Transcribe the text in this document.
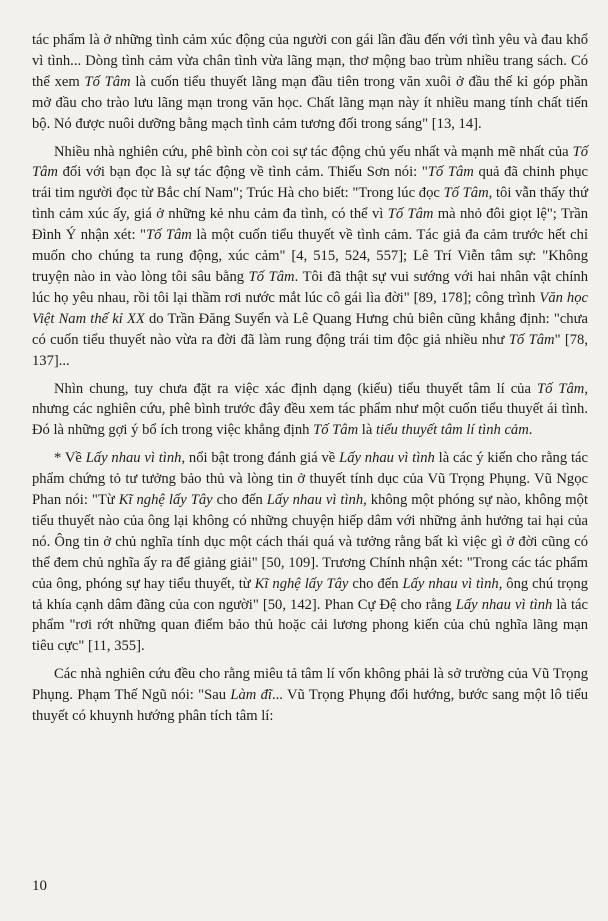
tác phẩm là ở những tình cảm xúc động của người con gái lần đầu đến với tình yêu và đau khổ vì tình... Dòng tình cảm vừa chân tình vừa lãng mạn, thơ mộng bao trùm nhiều trang sách. Có thể xem Tố Tâm là cuốn tiểu thuyết lãng mạn đầu tiên trong văn xuôi ở đầu thế kỉ góp phần mở đầu cho trào lưu lãng mạn trong văn học. Chất lãng mạn này ít nhiều mang tính chất tiến bộ. Nó được nuôi dưỡng bằng mạch tình cảm tương đối trong sáng" [13, 14].

Nhiều nhà nghiên cứu, phê bình còn coi sự tác động chủ yếu nhất và mạnh mẽ nhất của Tố Tâm đối với bạn đọc là sự tác động về tình cảm. Thiếu Sơn nói: "Tố Tâm quả đã chinh phục trái tim người đọc từ Bắc chí Nam"; Trúc Hà cho biết: "Trong lúc đọc Tố Tâm, tôi vẫn thấy thứ tình cảm xúc ấy, giá ở những kẻ nhu cảm đa tình, có thể vì Tố Tâm mà nhỏ đôi giọt lệ"; Trần Đình Ý nhận xét: "Tố Tâm là một cuốn tiểu thuyết về tình cảm. Tác giả đa cảm trước hết chỉ muốn cho chúng ta rung động, xúc cảm" [4, 515, 524, 557]; Lê Trí Viễn tâm sự: "Không truyện nào in vào lòng tôi sâu bằng Tố Tâm. Tôi đã thật sự vui sướng với hai nhân vật chính lúc họ yêu nhau, rồi tôi lại thầm rơi nước mắt lúc cô gái lìa đời" [89, 178]; công trình Văn học Việt Nam thế kỉ XX do Trần Đăng Suyển và Lê Quang Hưng chủ biên cũng khẳng định: "chưa có cuốn tiểu thuyết nào vừa ra đời đã làm rung động trái tim độc giả nhiều như Tố Tâm" [78, 137]...

Nhìn chung, tuy chưa đặt ra việc xác định dạng (kiểu) tiểu thuyết tâm lí của Tố Tâm, nhưng các nghiên cứu, phê bình trước đây đều xem tác phẩm như một cuốn tiểu thuyết ái tình. Đó là những gợi ý bổ ích trong việc khẳng định Tố Tâm là tiểu thuyết tâm lí tình cảm.

* Về Lấy nhau vì tình, nổi bật trong đánh giá về Lấy nhau vì tình là các ý kiến cho rằng tác phẩm chứng tỏ tư tưởng bảo thủ và lòng tin ở thuyết tính dục của Vũ Trọng Phụng. Vũ Ngọc Phan nói: "Từ Kĩ nghệ lấy Tây cho đến Lấy nhau vì tình, không một phóng sự nào, không một tiểu thuyết nào của ông lại không có những chuyện hiếp dâm với những ảnh hưởng tai hại của nó. Ông tin ở chủ nghĩa tính dục một cách thái quá và tưởng rằng bất kì việc gì ở đời cũng có thể đem chủ nghĩa ấy ra để giảng giải" [50, 109]. Trương Chính nhận xét: "Trong các tác phẩm của ông, phóng sự hay tiểu thuyết, từ Kĩ nghệ lấy Tây cho đến Lấy nhau vì tình, ông chú trọng tả khía cạnh dâm đãng của con người" [50, 142]. Phan Cự Đệ cho rằng Lấy nhau vì tình là tác phẩm "rơi rớt những quan điểm bảo thủ hoặc cải lương phong kiến của chủ nghĩa lãng mạn tiêu cực" [11, 355].

Các nhà nghiên cứu đều cho rằng miêu tả tâm lí vốn không phải là sở trường của Vũ Trọng Phụng. Phạm Thế Ngũ nói: "Sau Làm đĩ... Vũ Trọng Phụng đổi hướng, bước sang một lô tiểu thuyết có khuynh hướng phân tích tâm lí:

10
